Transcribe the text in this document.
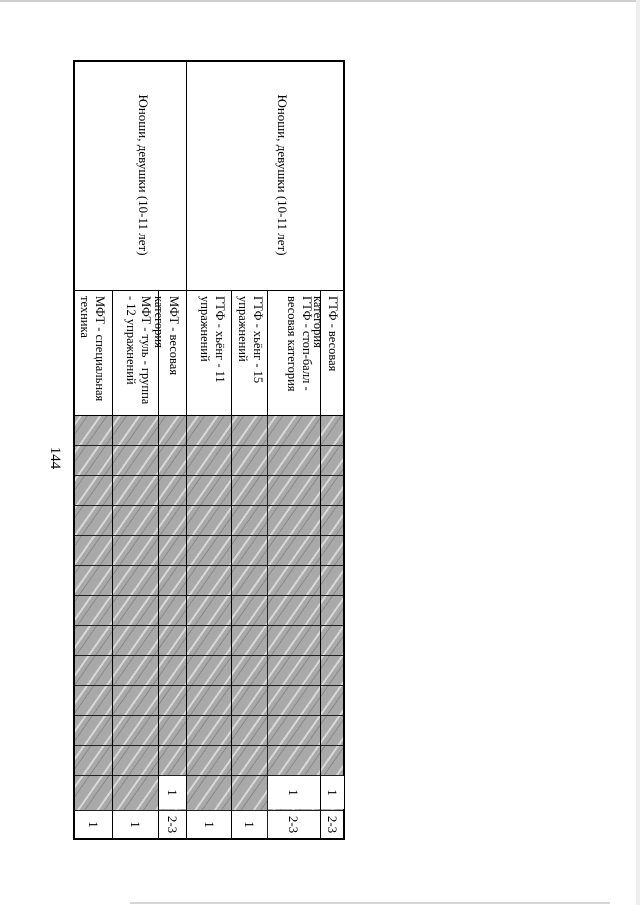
144
ГТФ - весовая категория
ГТФ - стоп-балл - весовая категория
ГТФ - хьёнг - 15 упражнений
ГТФ - хьёнг - 11 упражнений
МФТ - весовая категория
МФТ - туль - группа - 12 упражнений
МФТ - специальная техника
Юноши, девушки (10-11 лет)
Юноши, девушки (10-11 лет)
1
1
1
2-3
2-3
1
1
2-3
1
1
